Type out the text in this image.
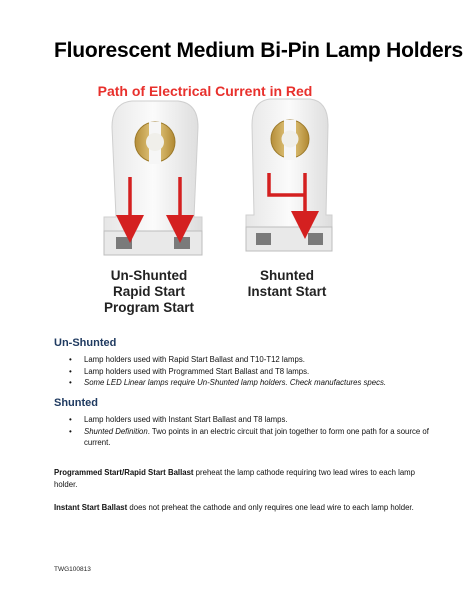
Fluorescent Medium Bi-Pin Lamp Holders
Path of Electrical Current in Red
Un-Shunted
Rapid Start
Program Start
Shunted
Instant Start
Un-Shunted
• Lamp holders used with Rapid Start Ballast and T10-T12 lamps.
• Lamp holders used with Programmed Start Ballast and T8 lamps.
• Some LED Linear lamps require Un-Shunted lamp holders. Check manufactures specs.
Shunted
• Lamp holders used with Instant Start Ballast and T8 lamps.
• Shunted Definition. Two points in an electric circuit that join together to form one path for a source of current.
Programmed Start/Rapid Start Ballast preheat the lamp cathode requiring two lead wires to each lamp holder.
Instant Start Ballast does not preheat the cathode and only requires one lead wire to each lamp holder.
TWG100813
